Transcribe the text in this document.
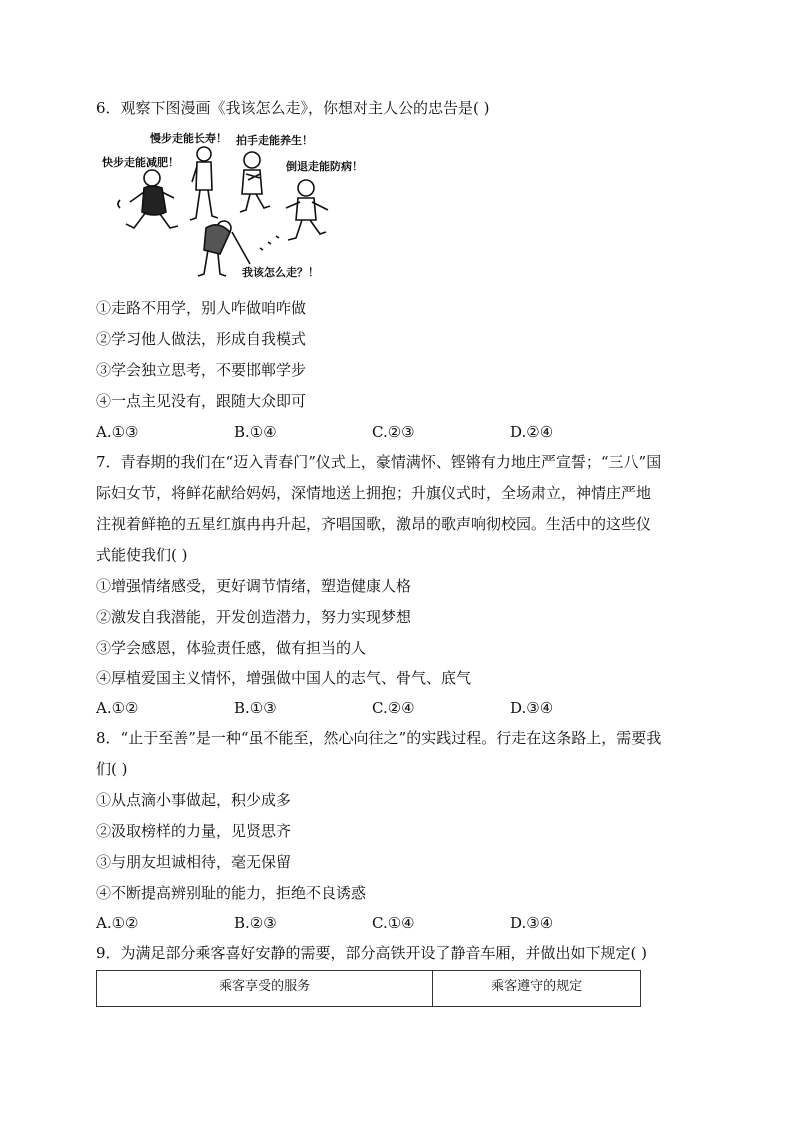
6．观察下图漫画《我该怎么走》，你想对主人公的忠告是( )
慢步走能长寿！ 拍手走能养生！
快步走能减肥！	倒退走能防病！
我该怎么走？！
①走路不用学，别人咋做咱咋做
②学习他人做法，形成自我模式
③学会独立思考，不要邯郸学步
④一点主见没有，跟随大众即可
A.①③	B.①④	C.②③	D.②④
7．青春期的我们在“迈入青春门”仪式上，豪情满怀、铿锵有力地庄严宣誓；“三八”国
际妇女节，将鲜花献给妈妈，深情地送上拥抱；升旗仪式时，全场肃立，神情庄严地
注视着鲜艳的五星红旗冉冉升起，齐唱国歌，激昂的歌声响彻校园。生活中的这些仪
式能使我们( )
①增强情绪感受，更好调节情绪，塑造健康人格
②激发自我潜能，开发创造潜力，努力实现梦想
③学会感恩，体验责任感，做有担当的人
④厚植爱国主义情怀，增强做中国人的志气、骨气、底气
A.①②	B.①③	C.②④	D.③④
8．“止于至善”是一种“虽不能至，然心向往之”的实践过程。行走在这条路上，需要我
们( )
①从点滴小事做起，积少成多
②汲取榜样的力量，见贤思齐
③与朋友坦诚相待，毫无保留
④不断提高辨别耻的能力，拒绝不良诱惑
A.①②	B.②③	C.①④	D.③④
9．为满足部分乘客喜好安静的需要，部分高铁开设了静音车厢，并做出如下规定( )
乘客享受的服务	乘客遵守的规定
